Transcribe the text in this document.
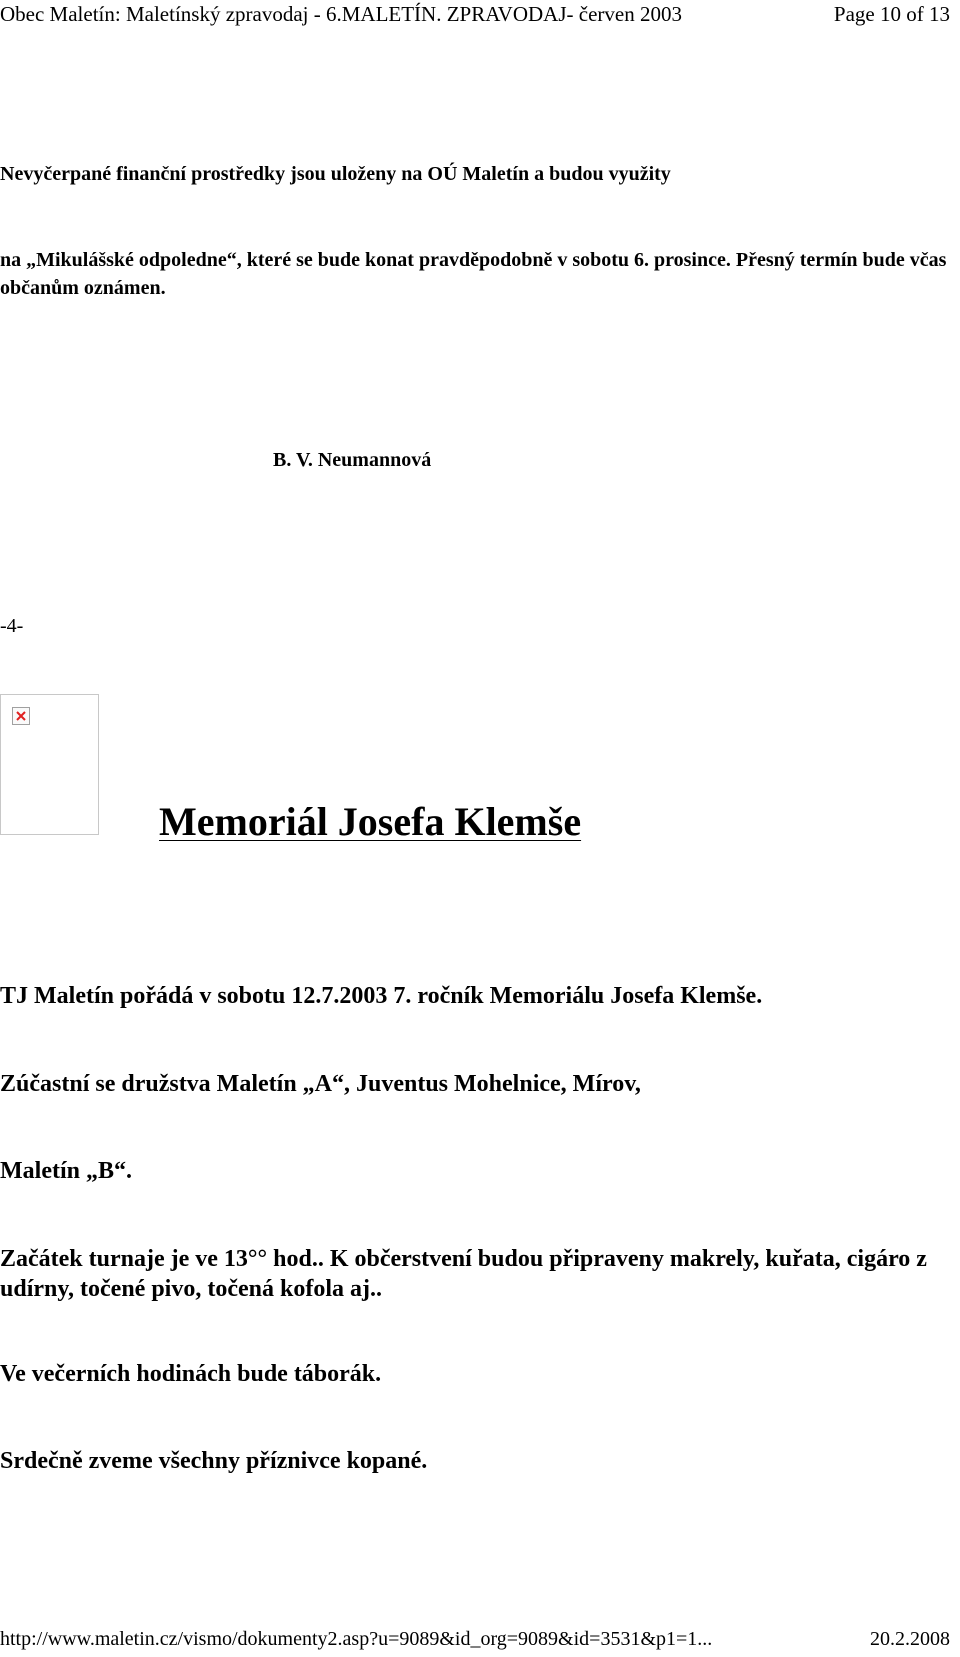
Obec Maletín: Maletínský zpravodaj - 6.MALETÍN. ZPRAVODAJ- červen 2003	Page 10 of 13
Nevyčerpané finanční prostředky jsou uloženy na OÚ Maletín a budou využity
na „Mikulášské odpoledne“, které se bude konat pravděpodobně v sobotu 6. prosince. Přesný termín bude včas občanům oznámen.
B. V. Neumannová
-4-
Memoriál Josefa Klemše
TJ Maletín pořádá v sobotu 12.7.2003 7. ročník Memoriálu Josefa Klemše.
Zúčastní se družstva Maletín „A“, Juventus Mohelnice, Mírov,
Maletín „B“.
Začátek turnaje je ve 13°° hod.. K občerstvení budou připraveny makrely, kuřata, cigáro z udírny, točené pivo, točená kofola aj..
Ve večerních hodinách bude táborák.
Srdečně zveme všechny příznivce kopané.
http://www.maletin.cz/vismo/dokumenty2.asp?u=9089&id_org=9089&id=3531&p1=1...	20.2.2008
